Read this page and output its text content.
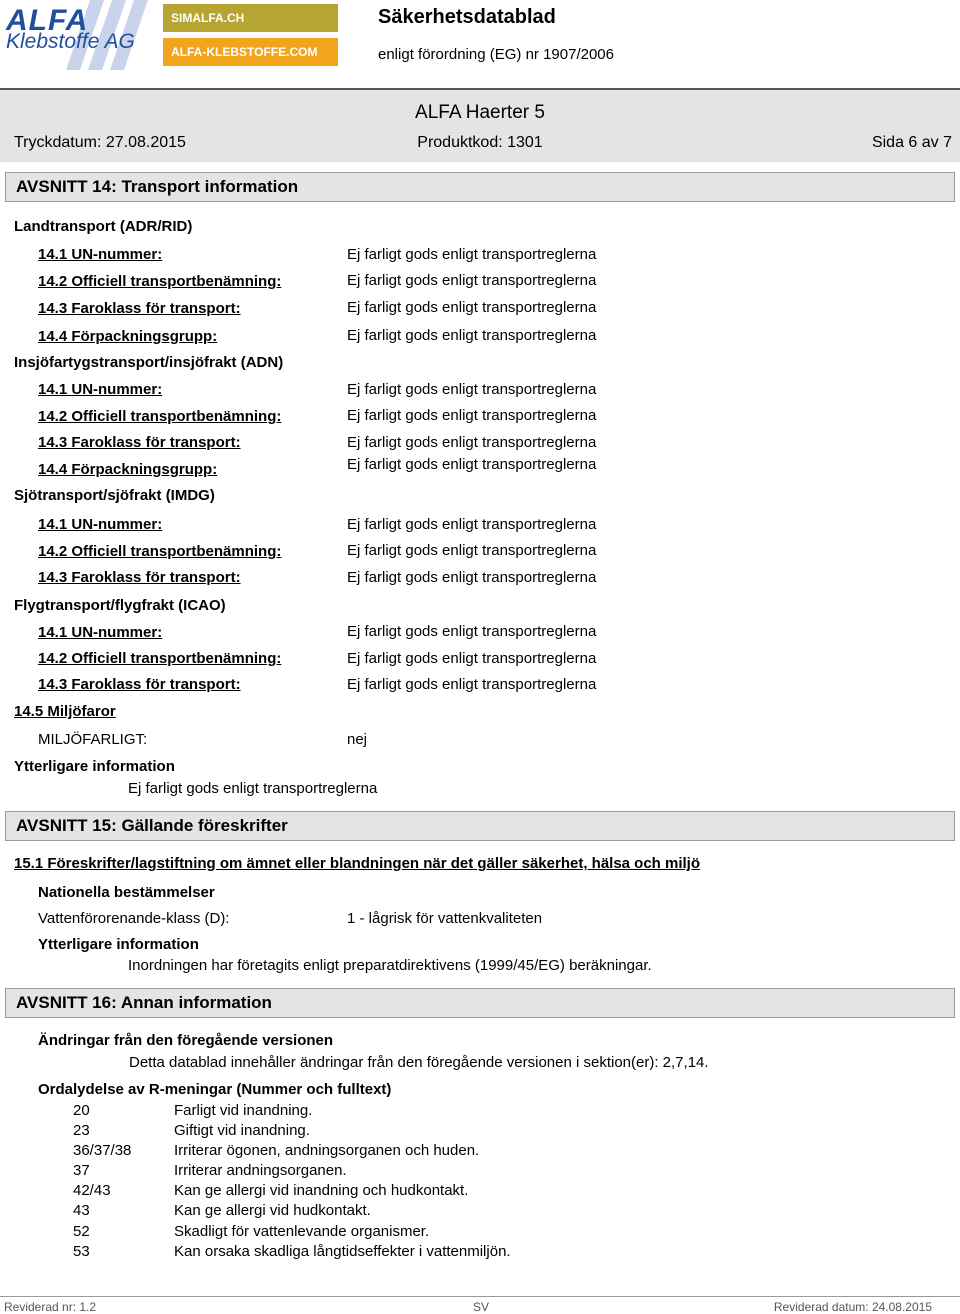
ALFA
Klebstoffe AG
SIMALFA.CH
ALFA-KLEBSTOFFE.COM
Säkerhetsdatablad
enligt förordning (EG) nr 1907/2006
ALFA Haerter 5
Tryckdatum: 27.08.2015	Produktkod: 1301	Sida 6 av 7
AVSNITT 14: Transport information
Landtransport (ADR/RID)
14.1 UN-nummer:	Ej farligt gods enligt transportreglerna
14.2 Officiell transportbenämning:	Ej farligt gods enligt transportreglerna
14.3 Faroklass för transport:	Ej farligt gods enligt transportreglerna
14.4 Förpackningsgrupp:	Ej farligt gods enligt transportreglerna
Insjöfartygstransport/insjöfrakt (ADN)
14.1 UN-nummer:	Ej farligt gods enligt transportreglerna
14.2 Officiell transportbenämning:	Ej farligt gods enligt transportreglerna
14.3 Faroklass för transport:	Ej farligt gods enligt transportreglerna
14.4 Förpackningsgrupp:	Ej farligt gods enligt transportreglerna
Sjötransport/sjöfrakt (IMDG)
14.1 UN-nummer:	Ej farligt gods enligt transportreglerna
14.2 Officiell transportbenämning:	Ej farligt gods enligt transportreglerna
14.3 Faroklass för transport:	Ej farligt gods enligt transportreglerna
Flygtransport/flygfrakt (ICAO)
14.1 UN-nummer:	Ej farligt gods enligt transportreglerna
14.2 Officiell transportbenämning:	Ej farligt gods enligt transportreglerna
14.3 Faroklass för transport:	Ej farligt gods enligt transportreglerna
14.5 Miljöfaror
MILJÖFARLIGT:	nej
Ytterligare information
Ej farligt gods enligt transportreglerna
AVSNITT 15: Gällande föreskrifter
15.1 Föreskrifter/lagstiftning om ämnet eller blandningen när det gäller säkerhet, hälsa och miljö
Nationella bestämmelser
Vattenförorenande-klass (D):	1 - lågrisk för vattenkvaliteten
Ytterligare information
Inordningen har företagits enligt preparatdirektivens (1999/45/EG) beräkningar.
AVSNITT 16: Annan information
Ändringar från den föregående versionen
Detta datablad innehåller ändringar från den föregående versionen i sektion(er): 2,7,14.
Ordalydelse av R-meningar (Nummer och fulltext)
20	Farligt vid inandning.
23	Giftigt vid inandning.
36/37/38	Irriterar ögonen, andningsorganen och huden.
37	Irriterar andningsorganen.
42/43	Kan ge allergi vid inandning och hudkontakt.
43	Kan ge allergi vid hudkontakt.
52	Skadligt för vattenlevande organismer.
53	Kan orsaka skadliga långtidseffekter i vattenmiljön.
Reviderad nr: 1.2	SV	Reviderad datum: 24.08.2015
